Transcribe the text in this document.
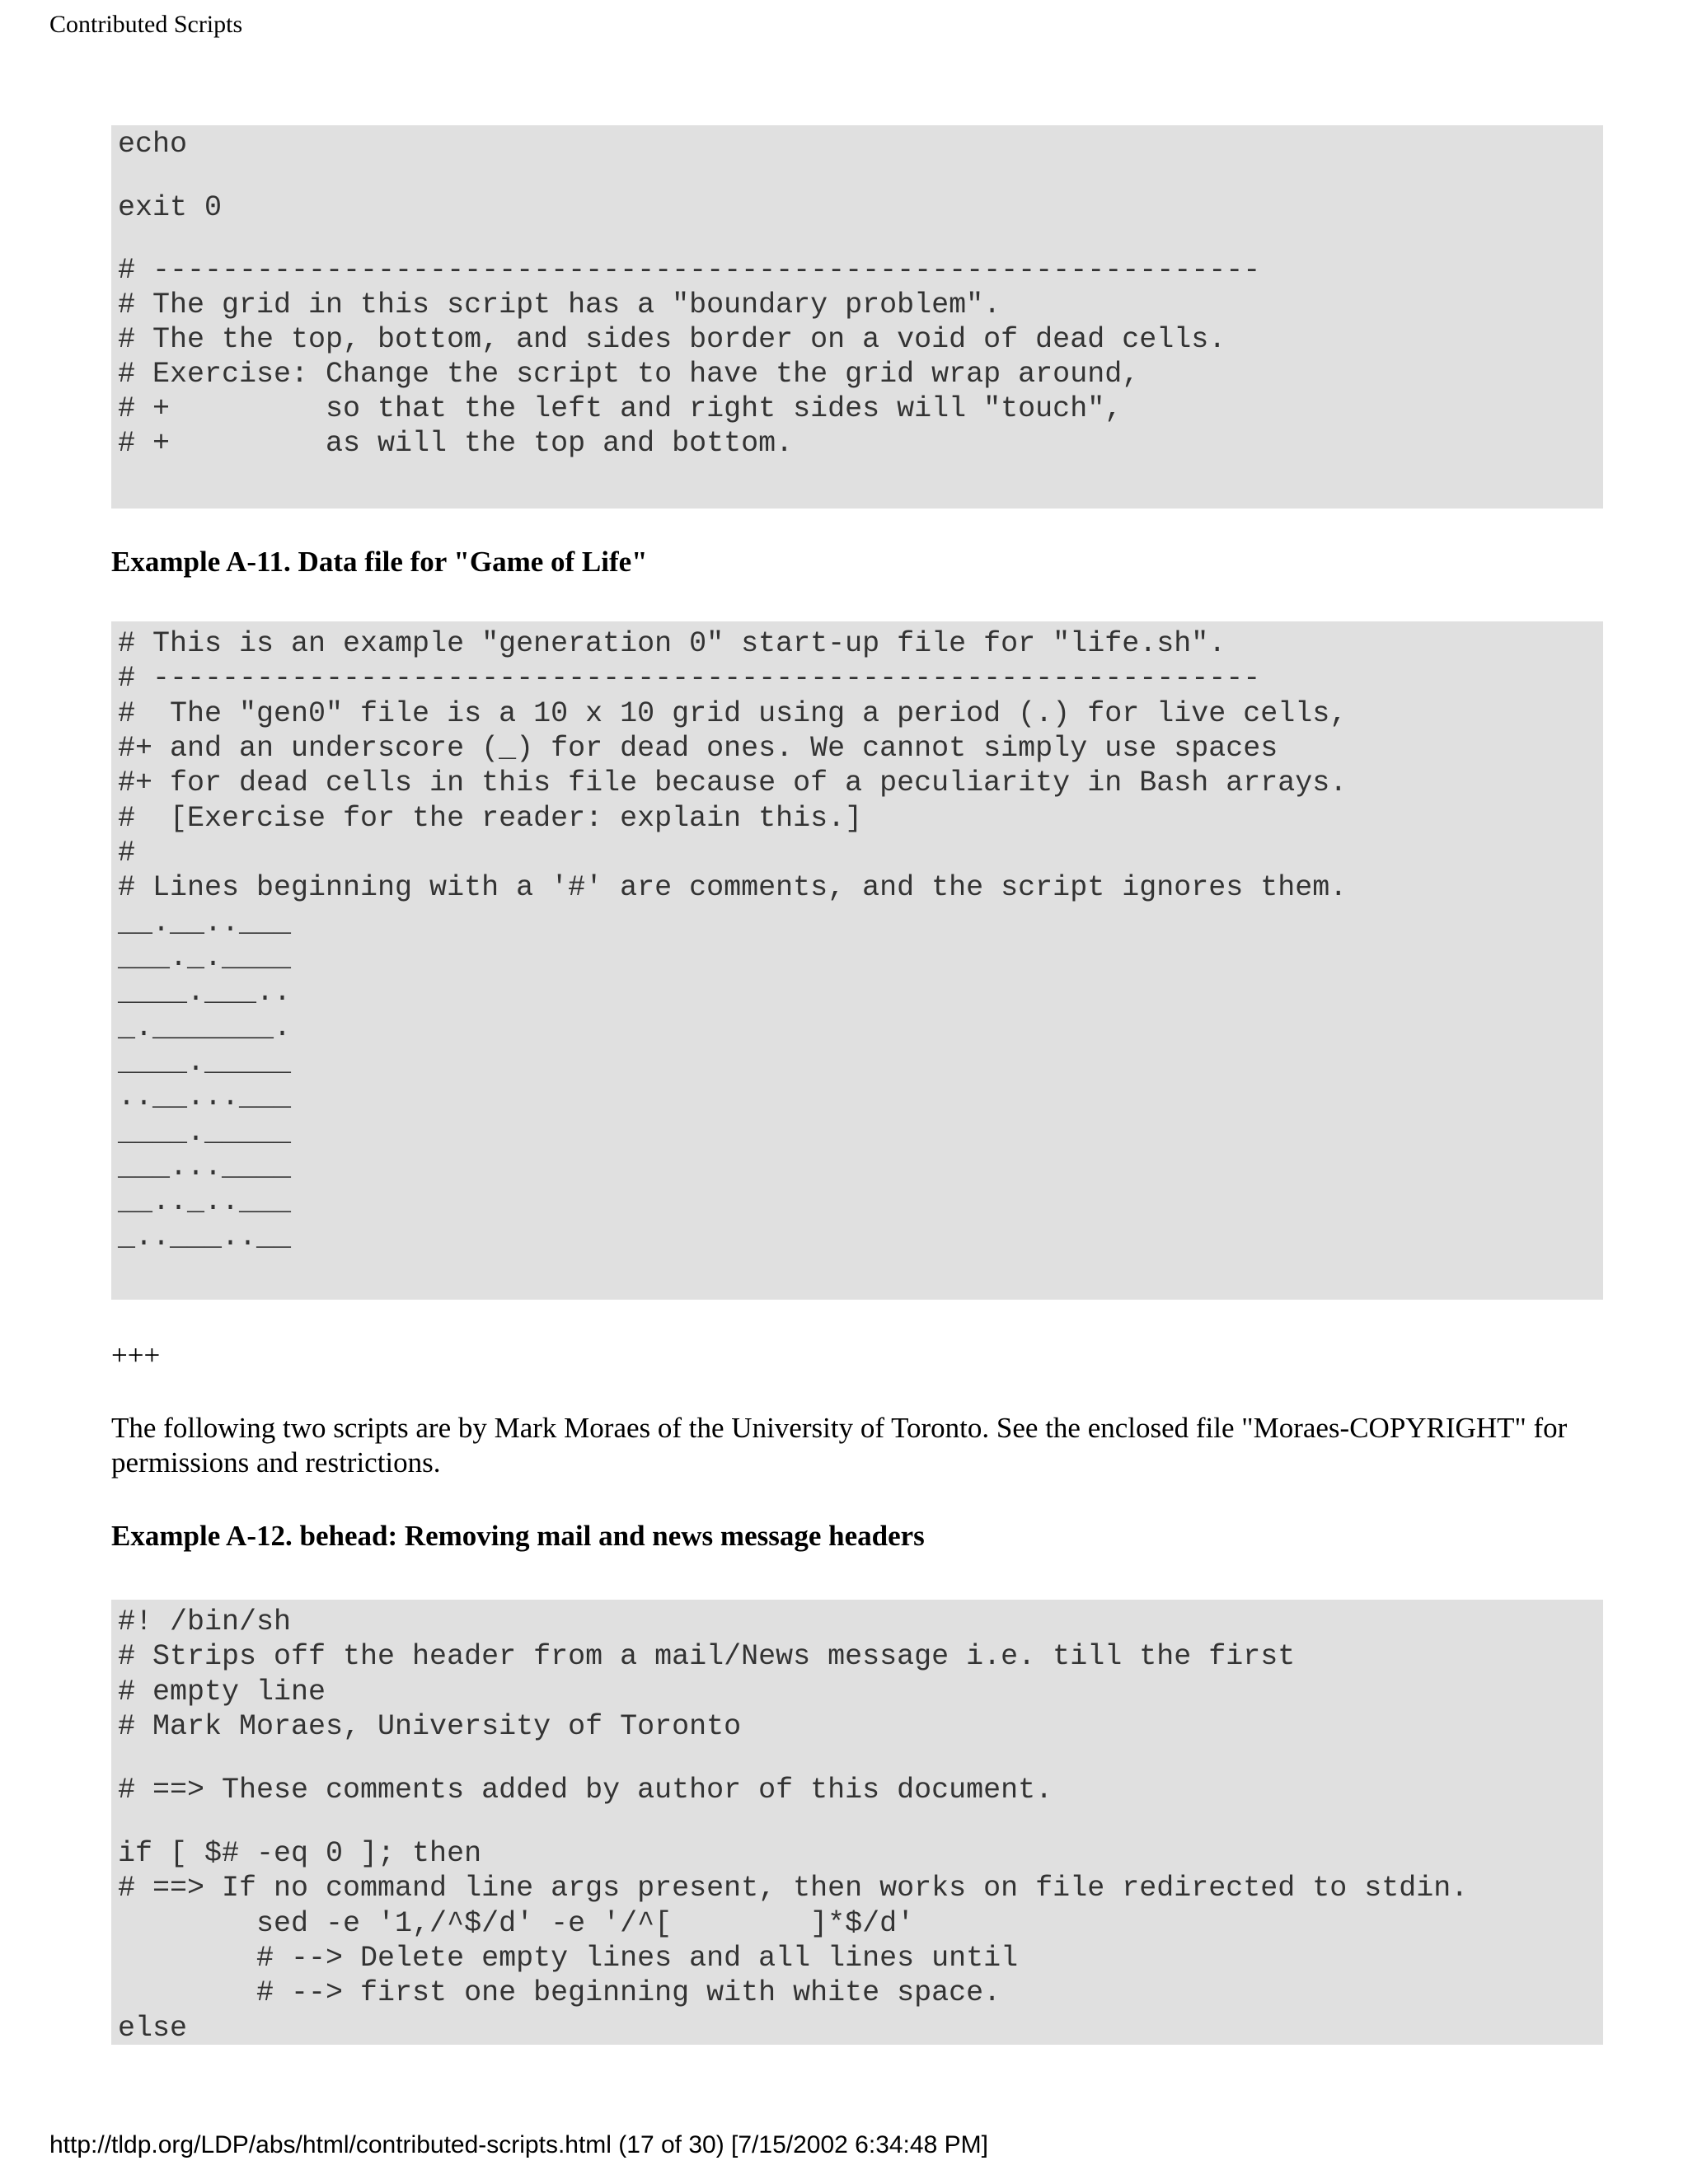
Contributed Scripts
echo
exit 0
# ----------------------------------------------------------------
# The grid in this script has a "boundary problem".
# The the top, bottom, and sides border on a void of dead cells.
# Exercise: Change the script to have the grid wrap around,
# +         so that the left and right sides will "touch",
# +         as will the top and bottom.
Example A-11. Data file for "Game of Life"
# This is an example "generation 0" start-up file for "life.sh".
# ----------------------------------------------------------------
#  The "gen0" file is a 10 x 10 grid using a period (.) for live cells,
#+ and an underscore (_) for dead ones. We cannot simply use spaces
#+ for dead cells in this file because of a peculiarity in Bash arrays.
#  [Exercise for the reader: explain this.]
#
# Lines beginning with a '#' are comments, and the script ignores them.
__.__..___
___._.____
____.___..
_._______.
____._____
..__...___
____._____
___...____
__.._..___
_..___..__
+++
The following two scripts are by Mark Moraes of the University of Toronto. See the enclosed file "Moraes-COPYRIGHT" for
permissions and restrictions.
Example A-12. behead: Removing mail and news message headers
#! /bin/sh
# Strips off the header from a mail/News message i.e. till the first
# empty line
# Mark Moraes, University of Toronto
# ==> These comments added by author of this document.
if [ $# -eq 0 ]; then
# ==> If no command line args present, then works on file redirected to stdin.
sed -e '1,/^$/d' -e '/^[        ]*$/d'
# --> Delete empty lines and all lines until
# --> first one beginning with white space.
else
http://tldp.org/LDP/abs/html/contributed-scripts.html (17 of 30) [7/15/2002 6:34:48 PM]
